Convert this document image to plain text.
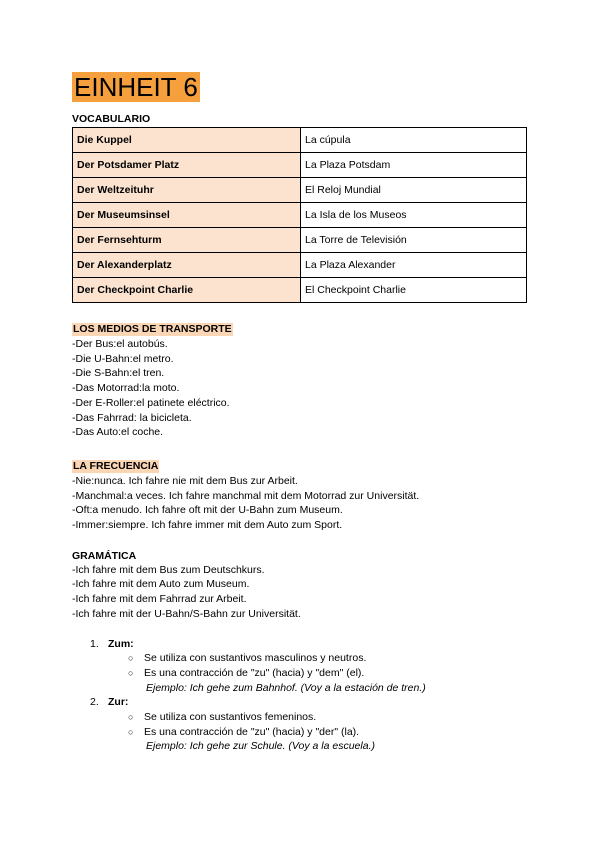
EINHEIT 6

VOCABULARIO

Die Kuppel	La cúpula
Der Potsdamer Platz	La Plaza Potsdam
Der Weltzeituhr	El Reloj Mundial
Der Museumsinsel	La Isla de los Museos
Der Fernsehturm	La Torre de Televisión
Der Alexanderplatz	La Plaza Alexander
Der Checkpoint Charlie	El Checkpoint Charlie
LOS MEDIOS DE TRANSPORTE

-Der Bus:el autobús.

-Die U-Bahn:el metro.

-Die S-Bahn:el tren.

-Das Motorrad:la moto.

-Der E-Roller:el patinete eléctrico.

-Das Fahrrad: la bicicleta.

-Das Auto:el coche.

LA FRECUENCIA

-Nie:nunca. Ich fahre nie mit dem Bus zur Arbeit.

-Manchmal:a veces. Ich fahre manchmal mit dem Motorrad zur Universität.

-Oft:a menudo. Ich fahre oft mit der U-Bahn zum Museum.

-Immer:siempre. Ich fahre immer mit dem Auto zum Sport.

GRAMÁTICA

-Ich fahre mit dem Bus zum Deutschkurs.

-Ich fahre mit dem Auto zum Museum.

-Ich fahre mit dem Fahrrad zur Arbeit.

-Ich fahre mit der U-Bahn/S-Bahn zur Universität.

1. Zum:
○ Se utiliza con sustantivos masculinos y neutros.
○ Es una contracción de "zu" (hacia) y "dem" (el).
Ejemplo: Ich gehe zum Bahnhof. (Voy a la estación de tren.)
2. Zur:
○ Se utiliza con sustantivos femeninos.
○ Es una contracción de "zu" (hacia) y "der" (la).
Ejemplo: Ich gehe zur Schule. (Voy a la escuela.)
